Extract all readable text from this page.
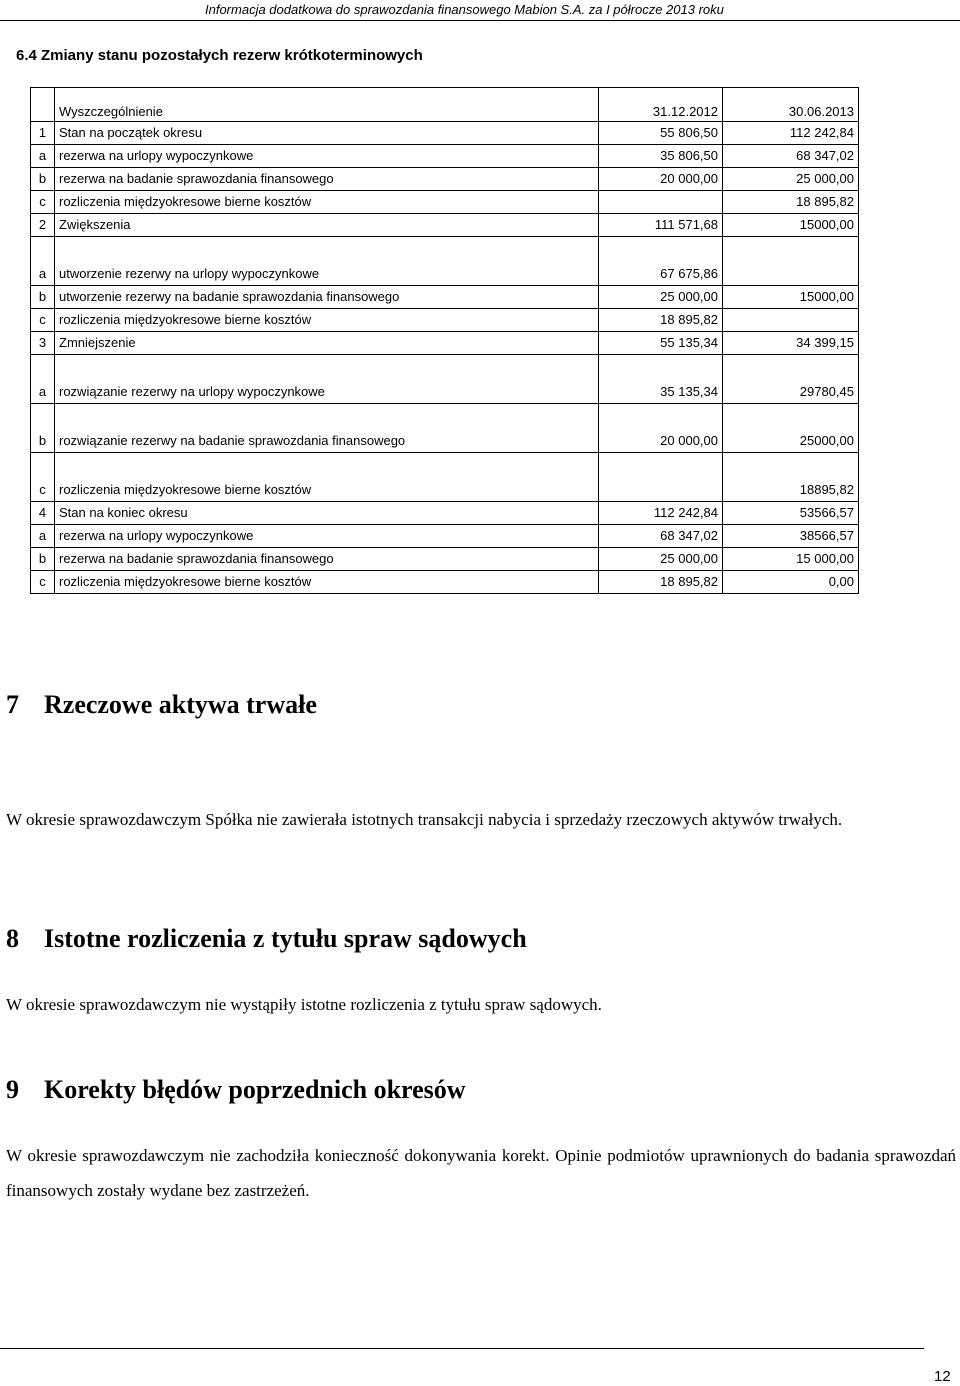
Informacja dodatkowa do sprawozdania finansowego Mabion S.A. za I półrocze 2013 roku
6.4 Zmiany stanu pozostałych rezerw krótkoterminowych
	Wyszczególnienie	31.12.2012	30.06.2013
1	Stan na początek okresu	55 806,50	112 242,84
a	rezerwa na urlopy wypoczynkowe	35 806,50	68 347,02
b	rezerwa na badanie sprawozdania finansowego	20 000,00	25 000,00
c	rozliczenia międzyokresowe bierne kosztów		18 895,82
2	Zwiększenia	111 571,68	15000,00
a	utworzenie rezerwy na urlopy wypoczynkowe	67 675,86	
b	utworzenie rezerwy na badanie sprawozdania finansowego	25 000,00	15000,00
c	rozliczenia międzyokresowe bierne kosztów	18 895,82	
3	Zmniejszenie	55 135,34	34 399,15
a	rozwiązanie rezerwy na urlopy wypoczynkowe	35 135,34	29780,45
b	rozwiązanie rezerwy na badanie sprawozdania finansowego	20 000,00	25000,00
c	rozliczenia międzyokresowe bierne kosztów		18895,82
4	Stan na koniec okresu	112 242,84	53566,57
a	rezerwa na urlopy wypoczynkowe	68 347,02	38566,57
b	rezerwa na badanie sprawozdania finansowego	25 000,00	15 000,00
c	rozliczenia międzyokresowe bierne kosztów	18 895,82	0,00
7 Rzeczowe aktywa trwałe
W okresie sprawozdawczym Spółka nie zawierała istotnych transakcji nabycia i sprzedaży rzeczowych aktywów trwałych.
8 Istotne rozliczenia z tytułu spraw sądowych
W okresie sprawozdawczym nie wystąpiły istotne rozliczenia z tytułu spraw sądowych.
9 Korekty błędów poprzednich okresów
W okresie sprawozdawczym nie zachodziła konieczność dokonywania korekt. Opinie podmiotów uprawnionych do badania sprawozdań finansowych zostały wydane bez zastrzeżeń.
12
